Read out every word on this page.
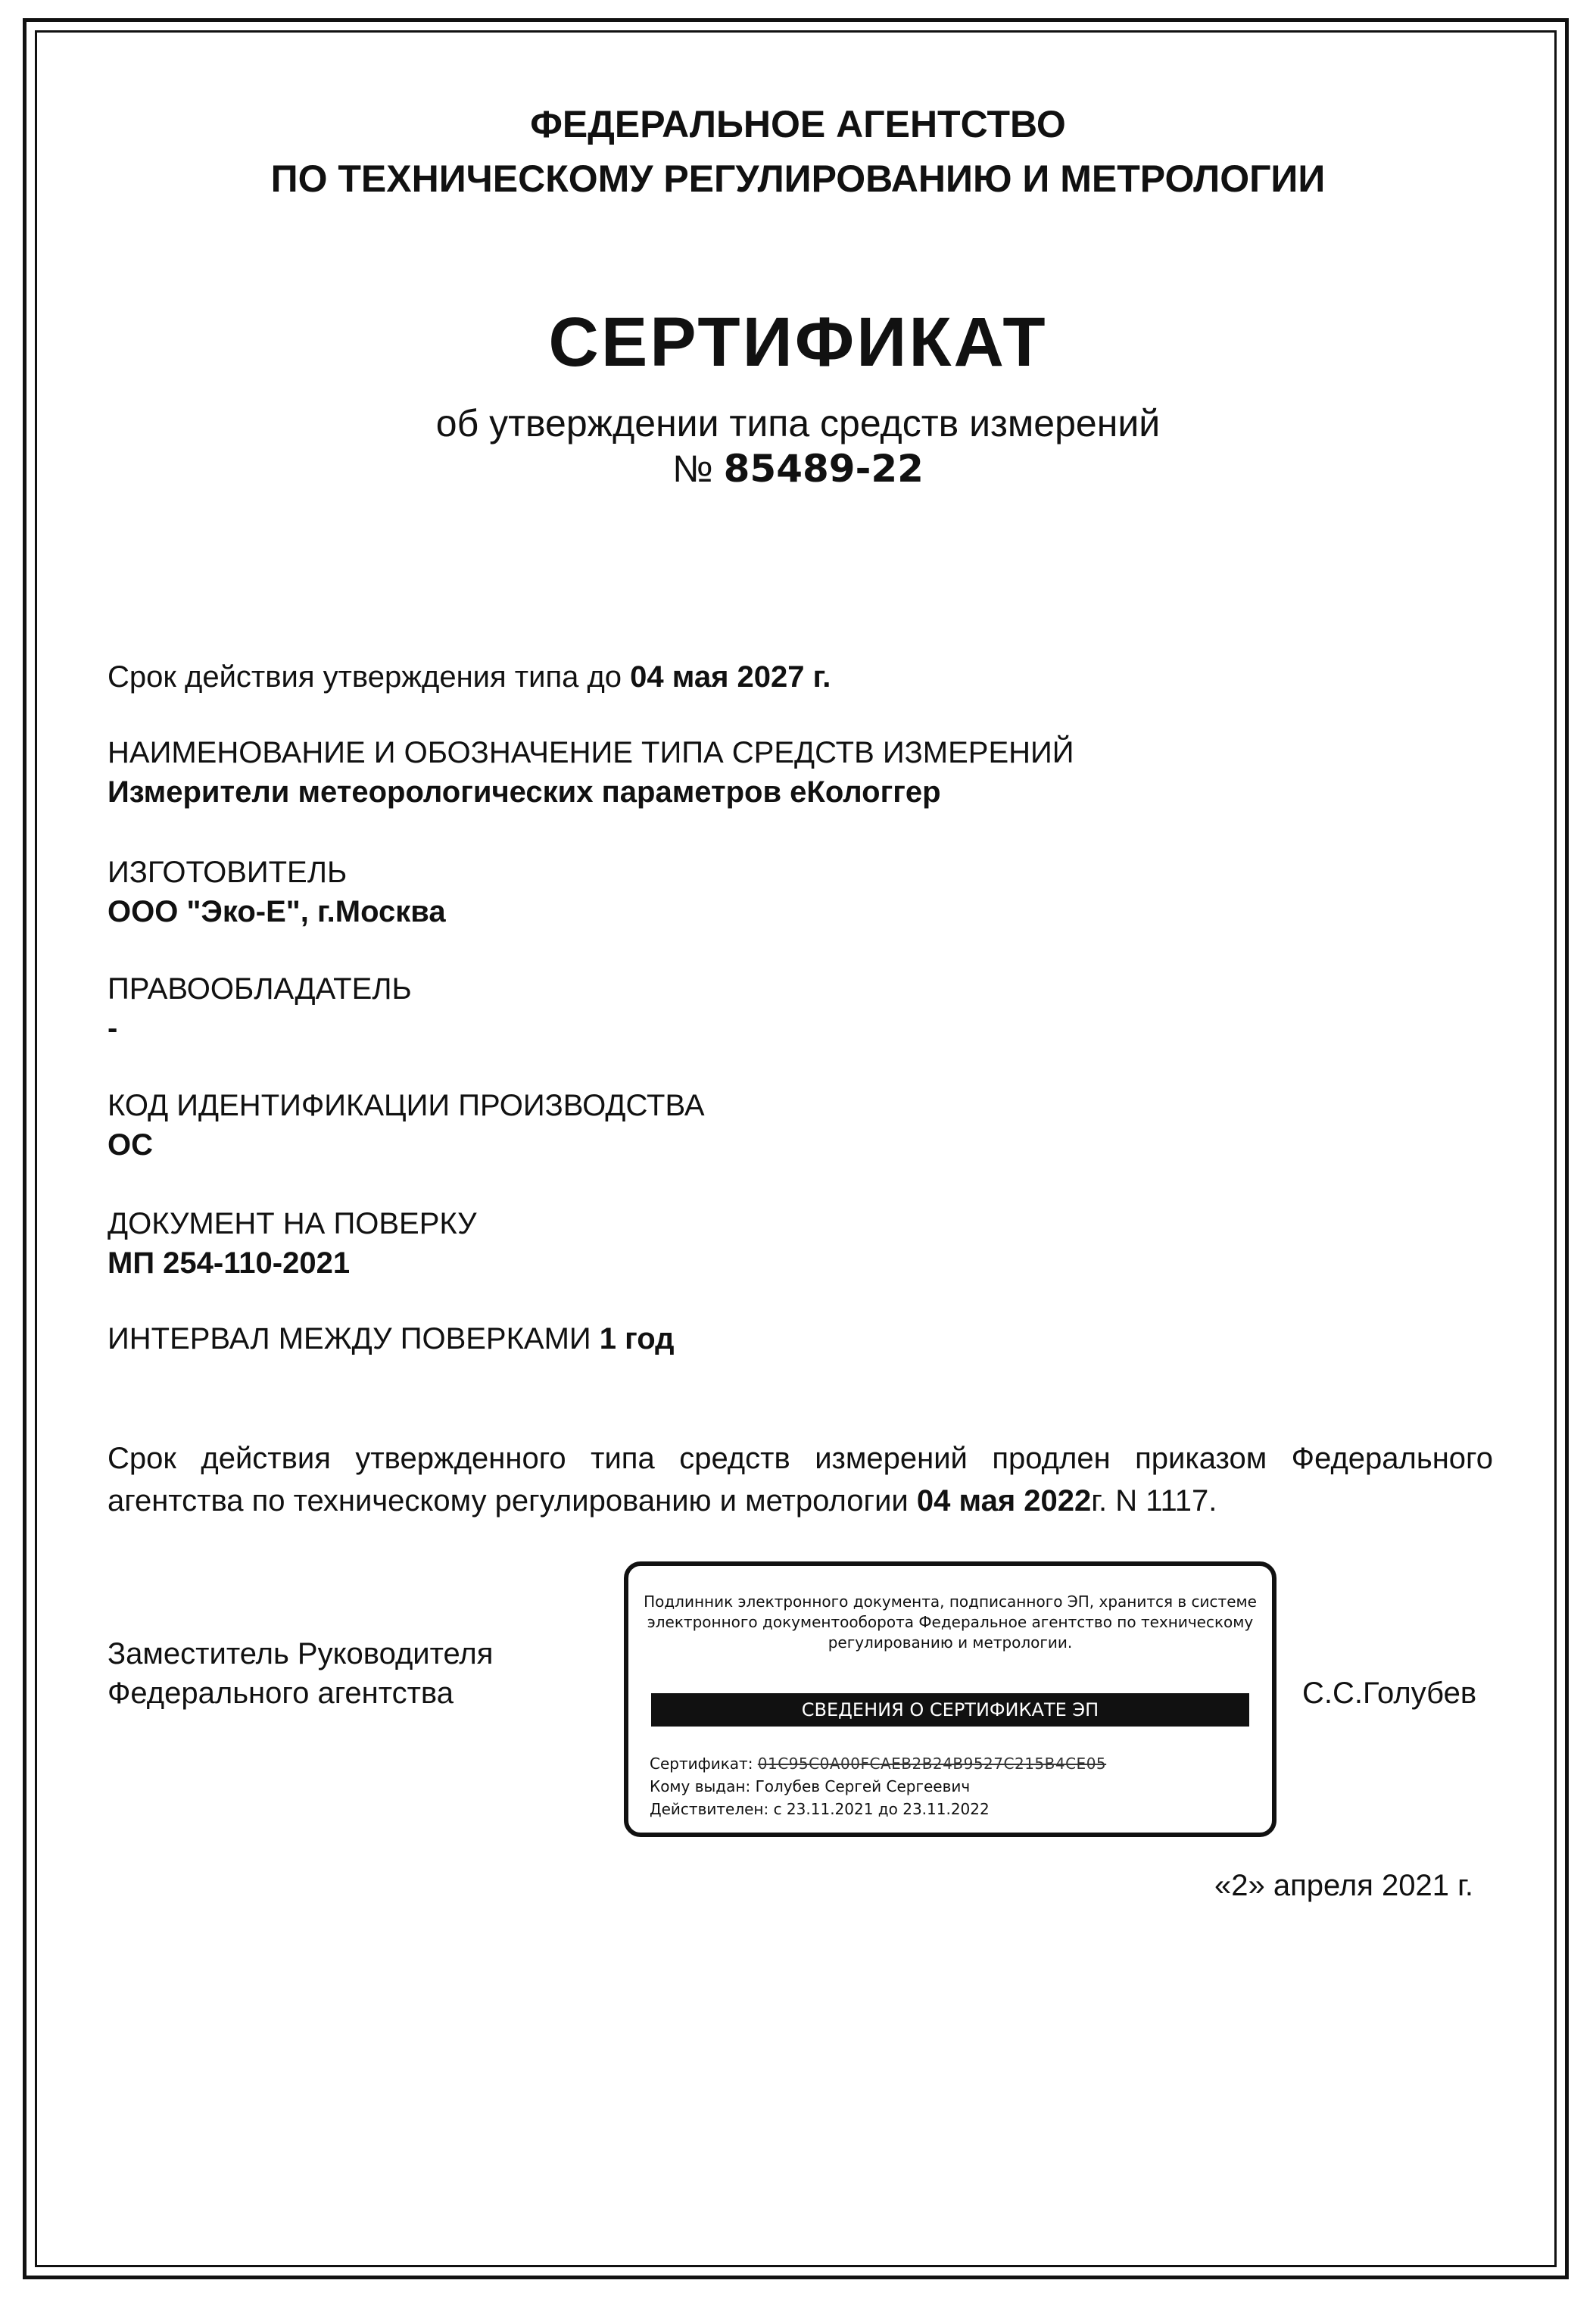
ФЕДЕРАЛЬНОЕ АГЕНТСТВО
ПО ТЕХНИЧЕСКОМУ РЕГУЛИРОВАНИЮ И МЕТРОЛОГИИ
СЕРТИФИКАТ
об утверждении типа средств измерений
№ 85489-22
Срок действия утверждения типа до 04 мая 2027 г.
НАИМЕНОВАНИЕ И ОБОЗНАЧЕНИЕ ТИПА СРЕДСТВ ИЗМЕРЕНИЙ
Измерители метеорологических параметров еКологгер
ИЗГОТОВИТЕЛЬ
ООО "Эко-Е", г.Москва
ПРАВООБЛАДАТЕЛЬ
-
КОД ИДЕНТИФИКАЦИИ ПРОИЗВОДСТВА
ОС
ДОКУМЕНТ НА ПОВЕРКУ
МП 254-110-2021
ИНТЕРВАЛ МЕЖДУ ПОВЕРКАМИ 1 год
Срок действия утвержденного типа средств измерений продлен приказом Федерального агентства по техническому регулированию и метрологии 04 мая 2022г. N 1117.
Заместитель Руководителя
Федерального агентства	С.С.Голубев
Подлинник электронного документа, подписанного ЭП, хранится в системе электронного документооборота Федеральное агентство по техническому регулированию и метрологии.
СВЕДЕНИЯ О СЕРТИФИКАТЕ ЭП
Сертификат: 01C95C0A00FCAEB2B24B9527C215B4CE05
Кому выдан: Голубев Сергей Сергеевич
Действителен: с 23.11.2021 до 23.11.2022
«2» апреля 2021 г.
